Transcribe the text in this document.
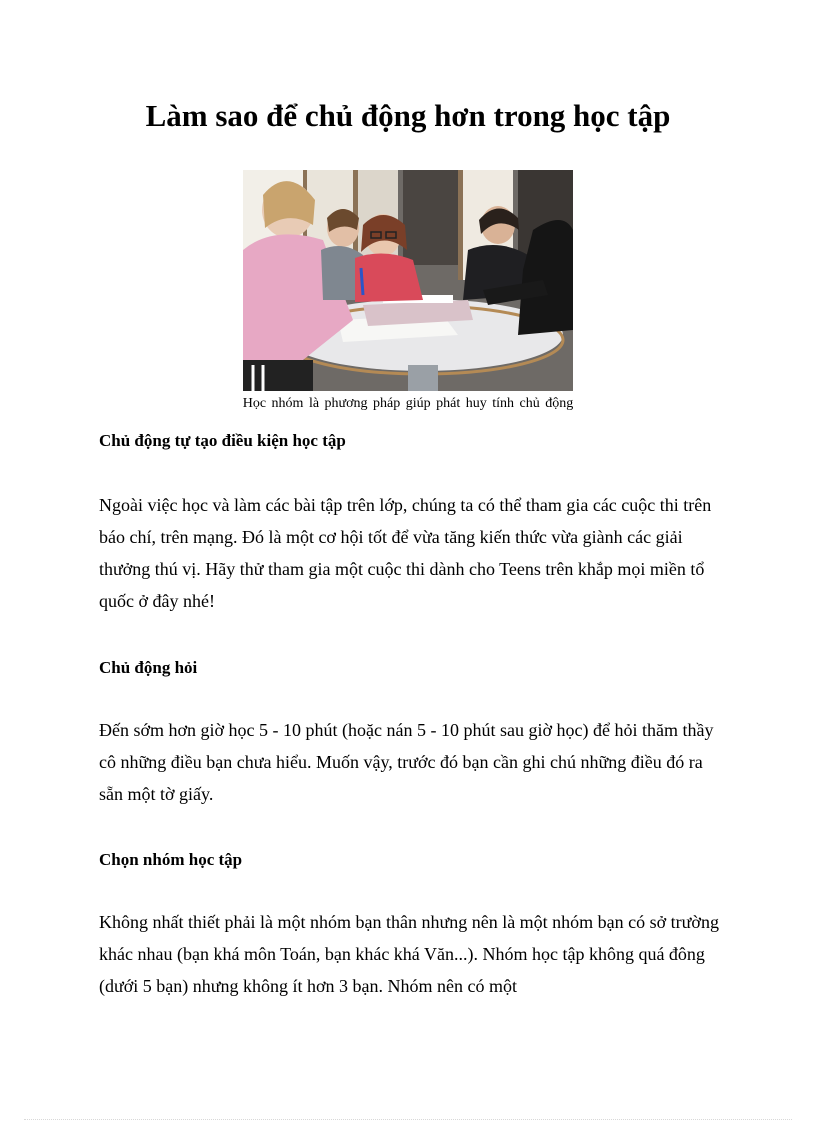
Làm sao để chủ động hơn trong học tập
Học nhóm là phương pháp giúp phát huy tính chủ động
Chủ động tự tạo điều kiện học tập

Ngoài việc học và làm các bài tập trên lớp, chúng ta có thể tham gia các cuộc thi trên báo chí, trên mạng. Đó là một cơ hội tốt để vừa tăng kiến thức vừa giành các giải thưởng thú vị. Hãy thử tham gia một cuộc thi dành cho Teens trên khắp mọi miền tổ quốc ở đây nhé!

Chủ động hỏi

Đến sớm hơn giờ học 5 - 10 phút (hoặc nán 5 - 10 phút sau giờ học) để hỏi thăm thầy cô những điều bạn chưa hiểu. Muốn vậy, trước đó bạn cần ghi chú những điều đó ra sẵn một tờ giấy.

Chọn nhóm học tập

Không nhất thiết phải là một nhóm bạn thân nhưng nên là một nhóm bạn có sở trường khác nhau (bạn khá môn Toán, bạn khác khá Văn...). Nhóm học tập không quá đông (dưới 5 bạn) nhưng không ít hơn 3 bạn. Nhóm nên có một
